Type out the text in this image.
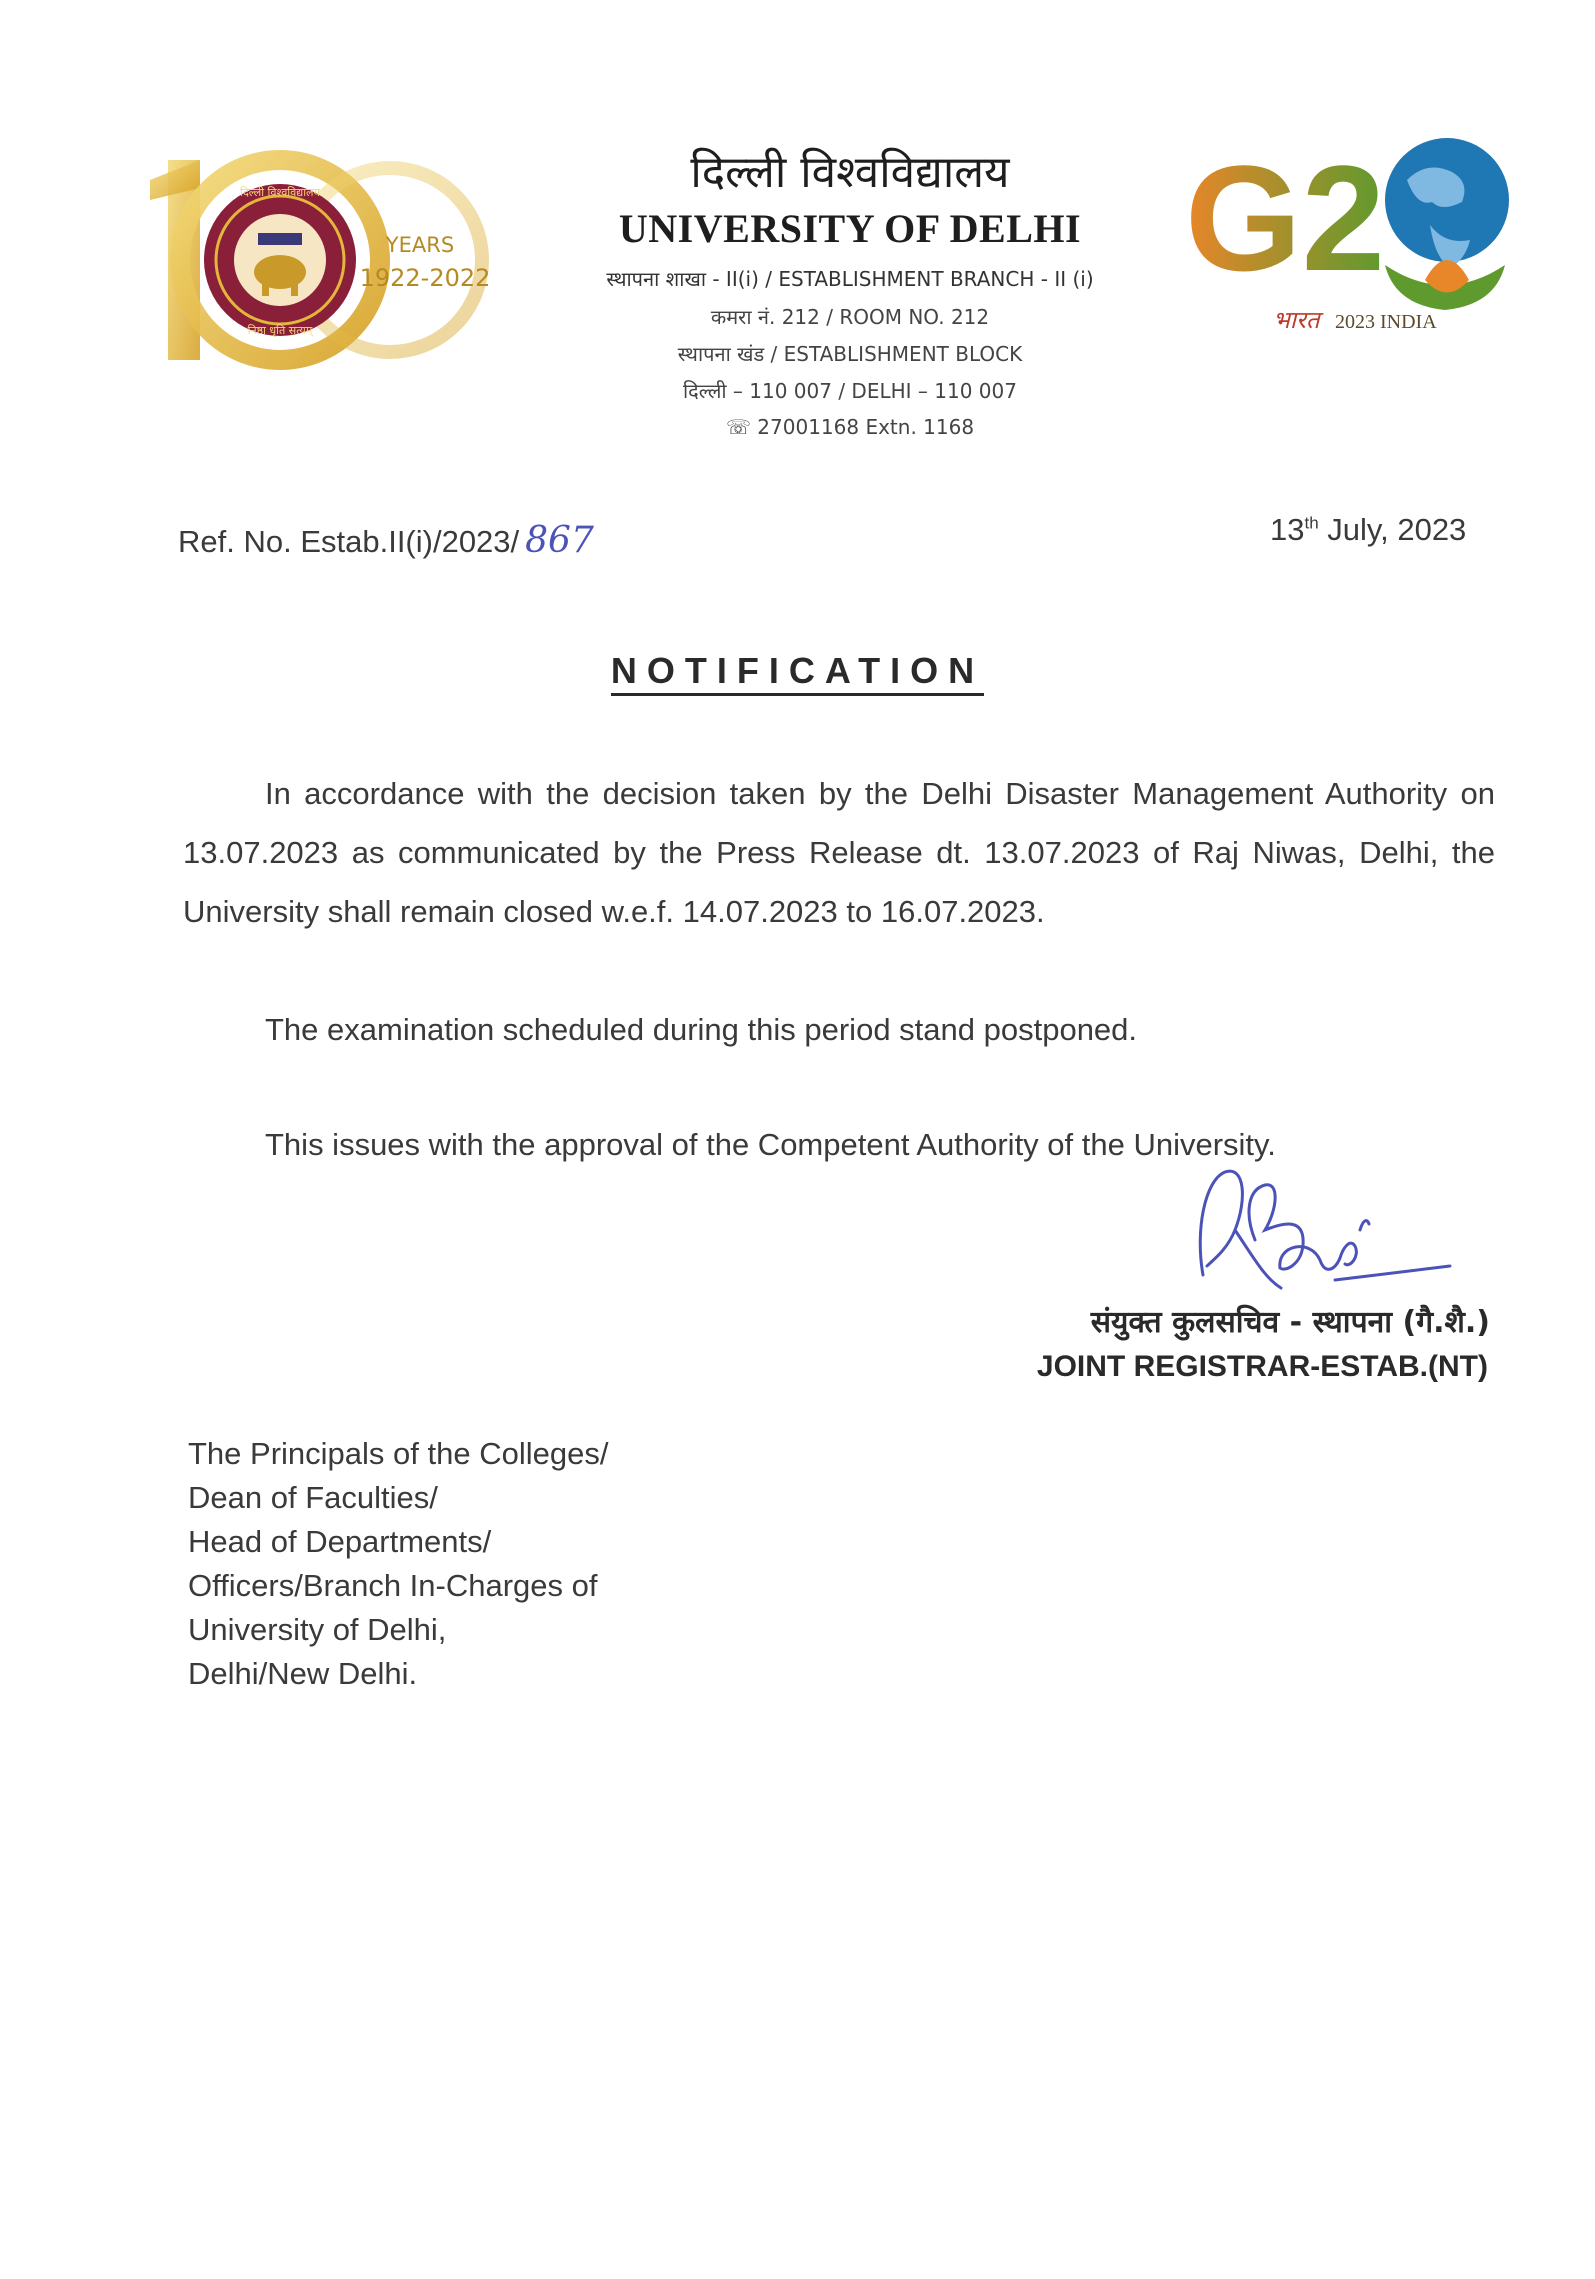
दिल्ली विश्वविद्यालय
निष्ठा धृति सत्यम्
YEARS
1922-2022
दिल्ली विश्वविद्यालय
UNIVERSITY OF DELHI
स्थापना शाखा - II(i) / ESTABLISHMENT BRANCH - II (i)
कमरा नं. 212 / ROOM NO. 212
स्थापना खंड / ESTABLISHMENT BLOCK
दिल्ली – 110 007 / DELHI – 110 007
☏ 27001168 Extn. 1168
G2
भारत 2023 INDIA
Ref. No. Estab.II(i)/2023/ 867	13th July, 2023
NOTIFICATION
In accordance with the decision taken by the Delhi Disaster Management Authority on 13.07.2023 as communicated by the Press Release dt. 13.07.2023 of Raj Niwas, Delhi, the University shall remain closed w.e.f. 14.07.2023 to 16.07.2023.
The examination scheduled during this period stand postponed.
This issues with the approval of the Competent Authority of the University.
संयुक्त कुलसचिव - स्थापना (गै.शै.)
JOINT REGISTRAR-ESTAB.(NT)
The Principals of the Colleges/
Dean of Faculties/
Head of Departments/
Officers/Branch In-Charges of
University of Delhi,
Delhi/New Delhi.
